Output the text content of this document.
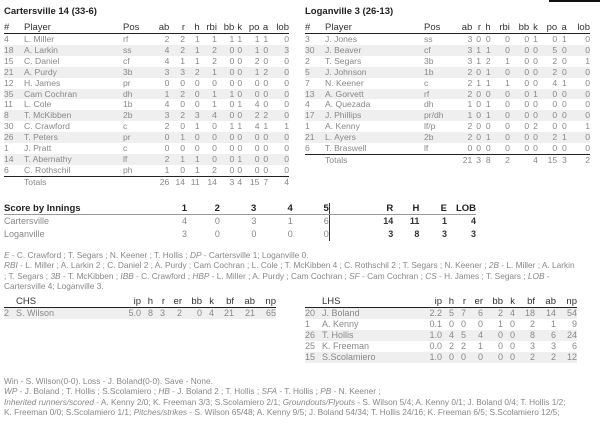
Cartersville 14 (33-6)
#	Player	Pos	ab	r	h	rbi	bb	k	po	a	lob
4	L. Miller	rf	2	2	1	1	1	1	1	1	0
18	A. Larkin	ss	4	2	1	2	0	0	1	0	3
15	C. Daniel	cf	4	1	1	2	0	0	2	0	0
21	A. Purdy	3b	3	3	2	1	0	0	1	2	0
12	H. James	pr	0	0	0	0	0	0	0	0	0
35	Cam Cochran	dh	1	2	0	1	1	0	0	0	0
11	L. Cole	1b	4	0	0	1	0	1	4	0	0
8	T. McKibben	2b	3	2	3	4	0	0	2	2	0
30	C. Crawford	c	2	0	1	0	1	1	4	1	1
26	T. Peters	pr	0	1	0	0	0	0	0	0	0
1	J. Pratt	c	0	0	0	0	0	0	0	0	0
14	T. Abernathy	lf	2	1	1	0	0	1	0	0	0
6	C. Rothschil	ph	1	0	1	2	0	0	0	0	0
	Totals		26	14	11	14	3	4	15	7	4
Loganville 3 (26-13)
#	Player	Pos	ab	r	h	rbi	bb	k	po	a	lob
3	J. Jones	ss	3	0	0	0	0	1	0	1	0
30	J. Beaver	cf	3	1	1	0	0	0	5	0	0
2	T. Segars	3b	3	1	2	1	0	0	2	0	1
5	J. Johnson	1b	2	0	1	0	0	0	2	0	0
7	N. Keener	c	2	1	1	1	0	0	4	1	0
13	A. Gorvett	rf	2	0	0	0	0	1	0	0	0
4	A. Quezada	dh	1	0	1	0	0	0	0	0	0
17	J. Phillips	pr/dh	1	0	1	0	0	0	0	0	0
1	A. Kenny	lf/p	2	0	0	0	0	2	0	0	1
21	L. Ayers	2b	2	0	1	0	0	0	2	1	0
6	T. Braswell	lf	0	0	0	0	0	0	0	0	0
	Totals		21	3	8	2		4	15	3	2
Score by Innings	1	2	3	4	5		R	H	E	LOB
Cartersville	4	0	3	1	6		14	11	1	4
Loganville	3	0	0	0	0		3	8	3	3
E - C. Crawford ; T. Segars ; N. Keener ; T. Hollis ; DP - Cartersville 1; Loganville 0.
RBI - L. Miller ; A. Larkin 2 ; C. Daniel 2 ; A. Purdy ; Cam Cochran ; L. Cole ; T. McKibben 4 ; C. Rothschil 2 ; T. Segars ; N. Keener ; 2B - L. Miller ; A. Larkin
; T. Segars ; 3B - T. McKibben ; IBB - C. Crawford ; HBP - L. Miller ; A. Purdy ; Cam Cochran ; SF - Cam Cochran ; CS - H. James ; T. Segars ; LOB -
Cartersville 4; Loganville 3.
	CHS	ip	h	r	er	bb	k	bf	ab	np
2	S. Wilson	5.0	8	3	2	0	4	21	21	65
	LHS	ip	h	r	er	bb	k	bf	ab	np
20	J. Boland	2.2	5	7	6	2	4	18	14	54
1	A. Kenny	0.1	0	0	0	1	0	2	1	9
26	T. Hollis	1.0	4	5	4	0	0	8	6	24
25	K. Freeman	0.0	2	2	1	0	0	3	3	6
15	S.Scolamiero	1.0	0	0	0	0	0	2	2	12
Win - S. Wilson(0-0). Loss - J. Boland(0-0). Save - None.
WP - J. Boland ; T. Hollis ; S.Scolamiero ; HB - J. Boland 2 ; T. Hollis ; SFA - T. Hollis ; PB - N. Keener ;
Inherited runners/scored - A. Kenny 2/0; K. Freeman 3/3; S.Scolamiero 2/1; Groundouts/Flyouts - S. Wilson 5/4; A. Kenny 0/1; J. Boland 0/4; T. Hollis 1/2;
K. Freeman 0/0; S.Scolamiero 1/1; Pitches/strikes - S. Wilson 65/48; A. Kenny 9/5; J. Boland 54/34; T. Hollis 24/16; K. Freeman 6/5; S.Scolamiero 12/5;
